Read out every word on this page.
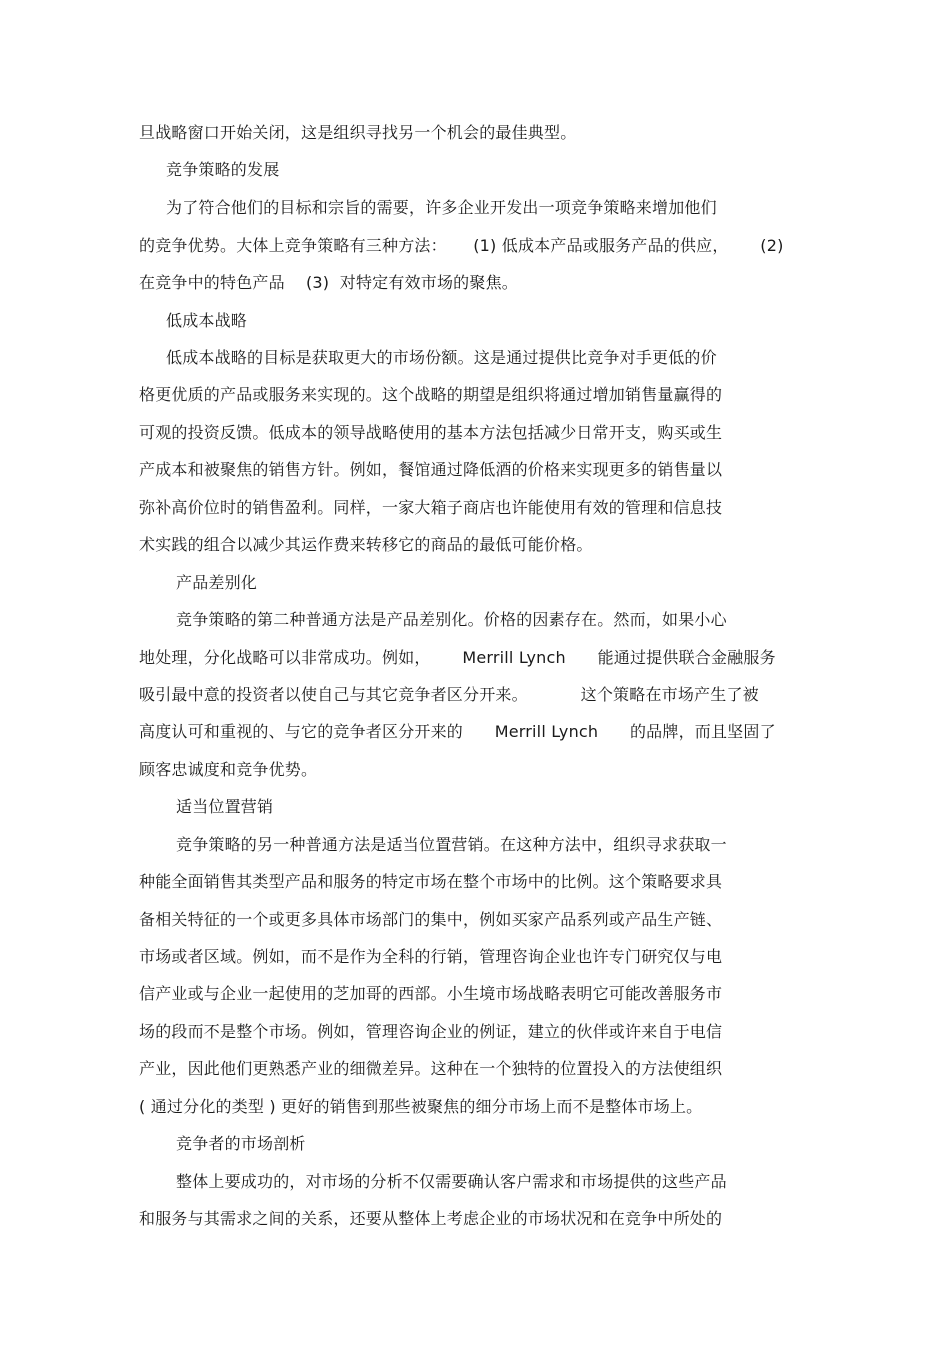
旦战略窗口开始关闭，这是组织寻找另一个机会的最佳典型。
竞争策略的发展
为了符合他们的目标和宗旨的需要，许多企业开发出一项竞争策略来增加他们
的竞争优势。大体上竞争策略有三种方法：     (1) 低成本产品或服务产品的供应，      (2)
在竞争中的特色产品    (3)  对特定有效市场的聚焦。
低成本战略
低成本战略的目标是获取更大的市场份额。这是通过提供比竞争对手更低的价
格更优质的产品或服务来实现的。这个战略的期望是组织将通过增加销售量赢得的
可观的投资反馈。低成本的领导战略使用的基本方法包括减少日常开支，购买或生
产成本和被聚焦的销售方针。例如，餐馆通过降低酒的价格来实现更多的销售量以
弥补高价位时的销售盈利。同样，一家大箱子商店也许能使用有效的管理和信息技
术实践的组合以减少其运作费来转移它的商品的最低可能价格。
产品差别化
竞争策略的第二种普通方法是产品差别化。价格的因素存在。然而，如果小心
地处理，分化战略可以非常成功。例如，      Merrill Lynch      能通过提供联合金融服务
吸引最中意的投资者以使自己与其它竞争者区分开来。          这个策略在市场产生了被
高度认可和重视的、与它的竞争者区分开来的      Merrill Lynch      的品牌，而且坚固了
顾客忠诚度和竞争优势。
适当位置营销
竞争策略的另一种普通方法是适当位置营销。在这种方法中，组织寻求获取一
种能全面销售其类型产品和服务的特定市场在整个市场中的比例。这个策略要求具
备相关特征的一个或更多具体市场部门的集中，例如买家产品系列或产品生产链、
市场或者区域。例如，而不是作为全科的行销，管理咨询企业也许专门研究仅与电
信产业或与企业一起使用的芝加哥的西部。小生境市场战略表明它可能改善服务市
场的段而不是整个市场。例如，管理咨询企业的例证，建立的伙伴或许来自于电信
产业，因此他们更熟悉产业的细微差异。这种在一个独特的位置投入的方法使组织
( 通过分化的类型 ) 更好的销售到那些被聚焦的细分市场上而不是整体市场上。
竞争者的市场剖析
整体上要成功的，对市场的分析不仅需要确认客户需求和市场提供的这些产品
和服务与其需求之间的关系，还要从整体上考虑企业的市场状况和在竞争中所处的
